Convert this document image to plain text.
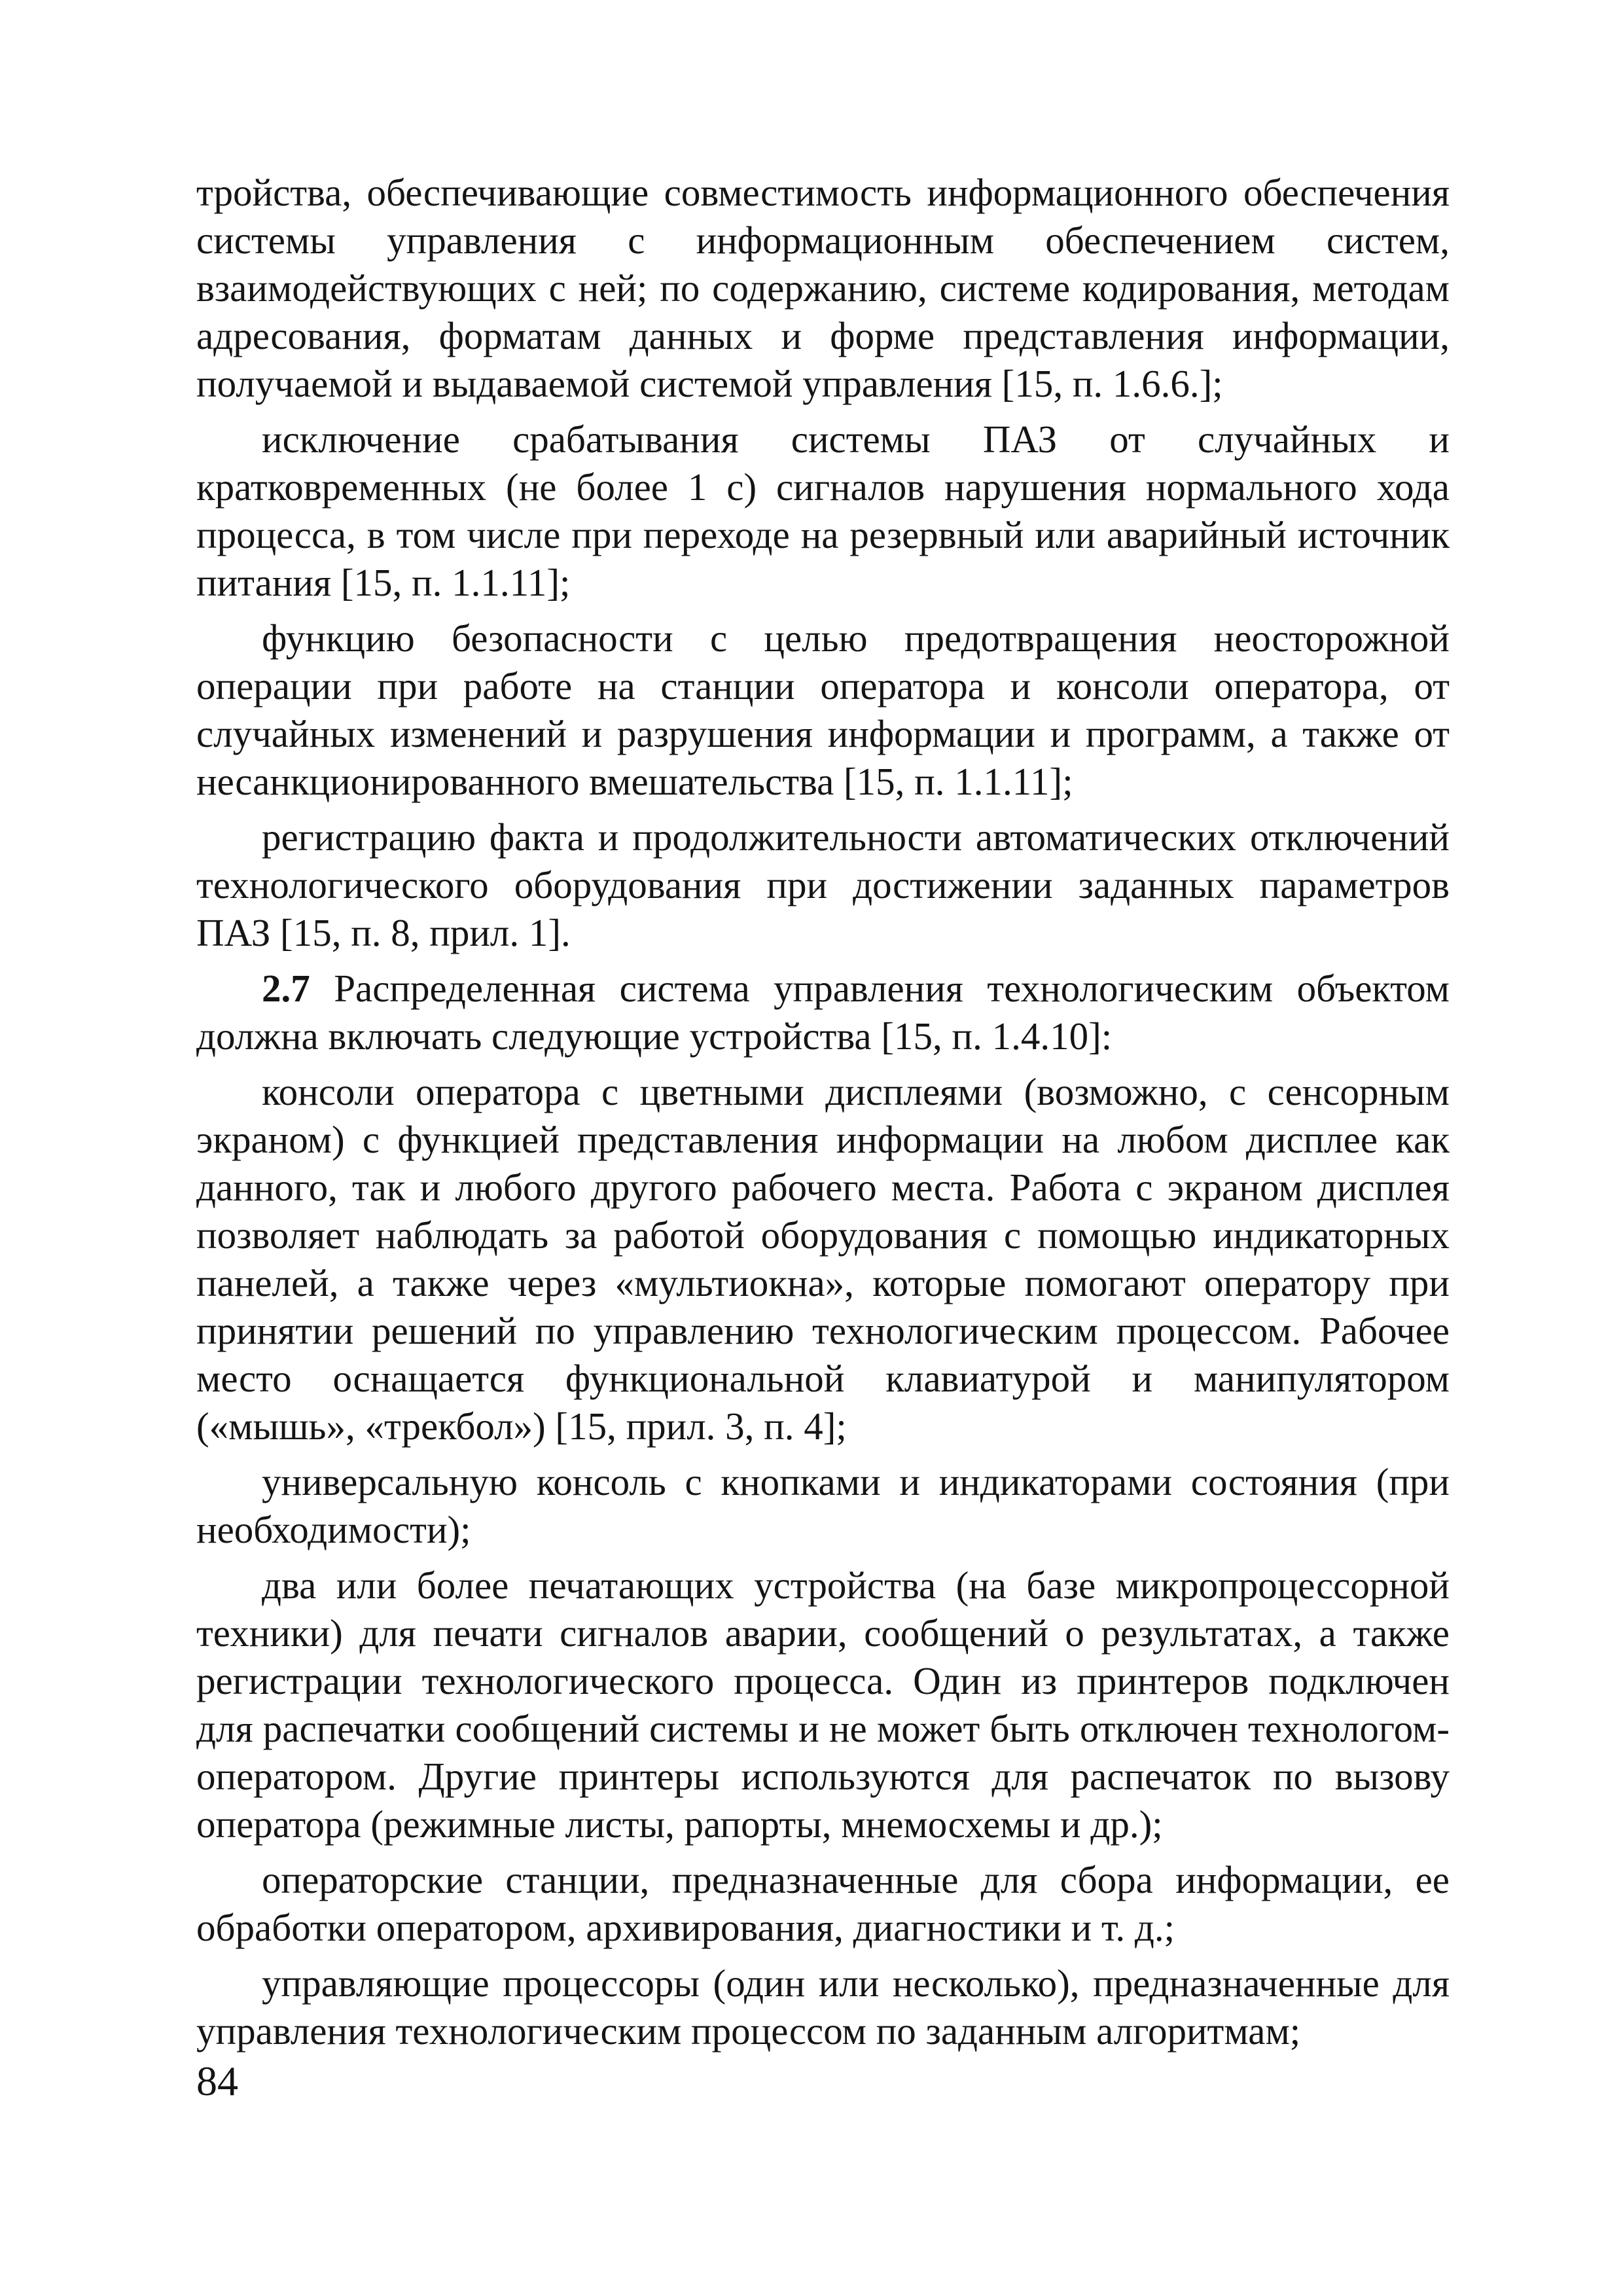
тройства, обеспечивающие совместимость информационного обеспечения системы управления с информационным обеспечением систем, взаимодействующих с ней; по содержанию, системе кодирования, методам адресования, форматам данных и форме представления информации, получаемой и выдаваемой системой управления [15, п. 1.6.6.];

исключение срабатывания системы ПАЗ от случайных и кратковременных (не более 1 с) сигналов нарушения нормального хода процесса, в том числе при переходе на резервный или аварийный источник питания [15, п. 1.1.11];

функцию безопасности с целью предотвращения неосторожной операции при работе на станции оператора и консоли оператора, от случайных изменений и разрушения информации и программ, а также от несанкционированного вмешательства [15, п. 1.1.11];

регистрацию факта и продолжительности автоматических отключений технологического оборудования при достижении заданных параметров ПАЗ [15, п. 8, прил. 1].

2.7 Распределенная система управления технологическим объектом должна включать следующие устройства [15, п. 1.4.10]:

консоли оператора с цветными дисплеями (возможно, с сенсорным экраном) с функцией представления информации на любом дисплее как данного, так и любого другого рабочего места. Работа с экраном дисплея позволяет наблюдать за работой оборудования с помощью индикаторных панелей, а также через «мультиокна», которые помогают оператору при принятии решений по управлению технологическим процессом. Рабочее место оснащается функциональной клавиатурой и манипулятором («мышь», «трекбол») [15, прил. 3, п. 4];

универсальную консоль с кнопками и индикаторами состояния (при необходимости);

два или более печатающих устройства (на базе микропроцессорной техники) для печати сигналов аварии, сообщений о результатах, а также регистрации технологического процесса. Один из принтеров подключен для распечатки сообщений системы и не может быть отключен технологом-оператором. Другие принтеры используются для распечаток по вызову оператора (режимные листы, рапорты, мнемосхемы и др.);

операторские станции, предназначенные для сбора информации, ее обработки оператором, архивирования, диагностики и т. д.;

управляющие процессоры (один или несколько), предназначенные для управления технологическим процессом по заданным алгоритмам;

84
